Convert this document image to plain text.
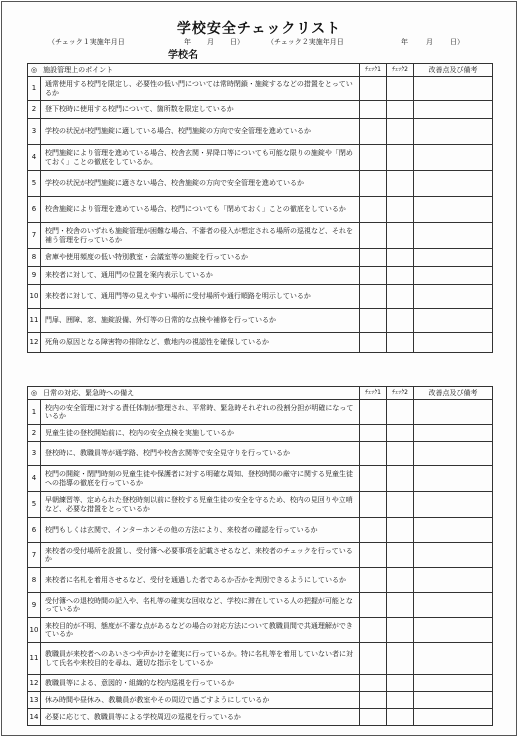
学校安全チェックリスト
（チェック１実施年月日	年 月 日）	（チェック２実施年月日	年	月 日）
学校名
◎ 施設管理上のポイント		ﾁｪｯｸ1	ﾁｪｯｸ2	改善点及び備考
1	通常使用する校門を限定し、必要性の低い門については常時閉鎖・施錠するなどの措置をとっているか			
2	登下校時に使用する校門について、箇所数を限定しているか			
3	学校の状況が校門施錠に適している場合、校門施錠の方向で安全管理を進めているか			
4	校門施錠により管理を進めている場合、校舎玄関・昇降口等についても可能な限りの施錠や「閉めておく」ことの徹底をしているか。			
5	学校の状況が校門施錠に適さない場合、校舎施錠の方向で安全管理を進めているか			
6	校舎施錠により管理を進めている場合、校門についても「閉めておく」ことの徹底をしているか			
7	校門・校舎のいずれも施錠管理が困難な場合、不審者の侵入が想定される場所の巡視など、それを補う管理を行っているか			
8	倉庫や使用頻度の低い特別教室・会議室等の施錠を行っているか			
9	来校者に対して、通用門の位置を案内表示しているか			
10	来校者に対して、通用門等の見えやすい場所に受付場所や通行順路を明示しているか			
11	門扉、囲障、窓、施錠設備、外灯等の日常的な点検や補修を行っているか			
12	死角の原因となる障害物の排除など、敷地内の視認性を確保しているか			
◎ 日常の対応、緊急時への備え		ﾁｪｯｸ1	ﾁｪｯｸ2	改善点及び備考
1	校内の安全管理に対する責任体制が整理され、平常時、緊急時それぞれの役割分担が明確になっているか			
2	児童生徒の登校開始前に、校内の安全点検を実施しているか			
3	登校時に、教職員等が通学路、校門や校舎玄関等で安全見守りを行っているか			
4	校門の開錠・閉門時刻の児童生徒や保護者に対する明確な周知、登校時間の厳守に関する児童生徒への指導の徹底を行っているか			
5	早朝練習等、定められた登校時刻以前に登校する児童生徒の安全を守るため、校内の見回りや立哨など、必要な措置をとっているか			
6	校門もしくは玄関で、インターホンその他の方法により、来校者の確認を行っているか			
7	来校者の受付場所を設置し、受付簿へ必要事項を記載させるなど、来校者のチェックを行っているか			
8	来校者に名札を着用させるなど、受付を通過した者であるか否かを判別できるようにしているか			
9	受付簿への退校時間の記入や、名札等の確実な回収など、学校に滞在している人の把握が可能となっているか			
10	来校目的が不明、態度が不審な点があるなどの場合の対応方法について教職員間で共通理解ができているか			
11	教職員が来校者へのあいさつや声かけを確実に行っているか。特に名札等を着用していない者に対して氏名や来校目的を尋ね、適切な指示をしているか			
12	教職員等による、意図的・組織的な校内巡視を行っているか			
13	休み時間や昼休み、教職員が教室やその周辺で過ごすようにしているか			
14	必要に応じて、教職員等による学校周辺の巡視を行っているか			
